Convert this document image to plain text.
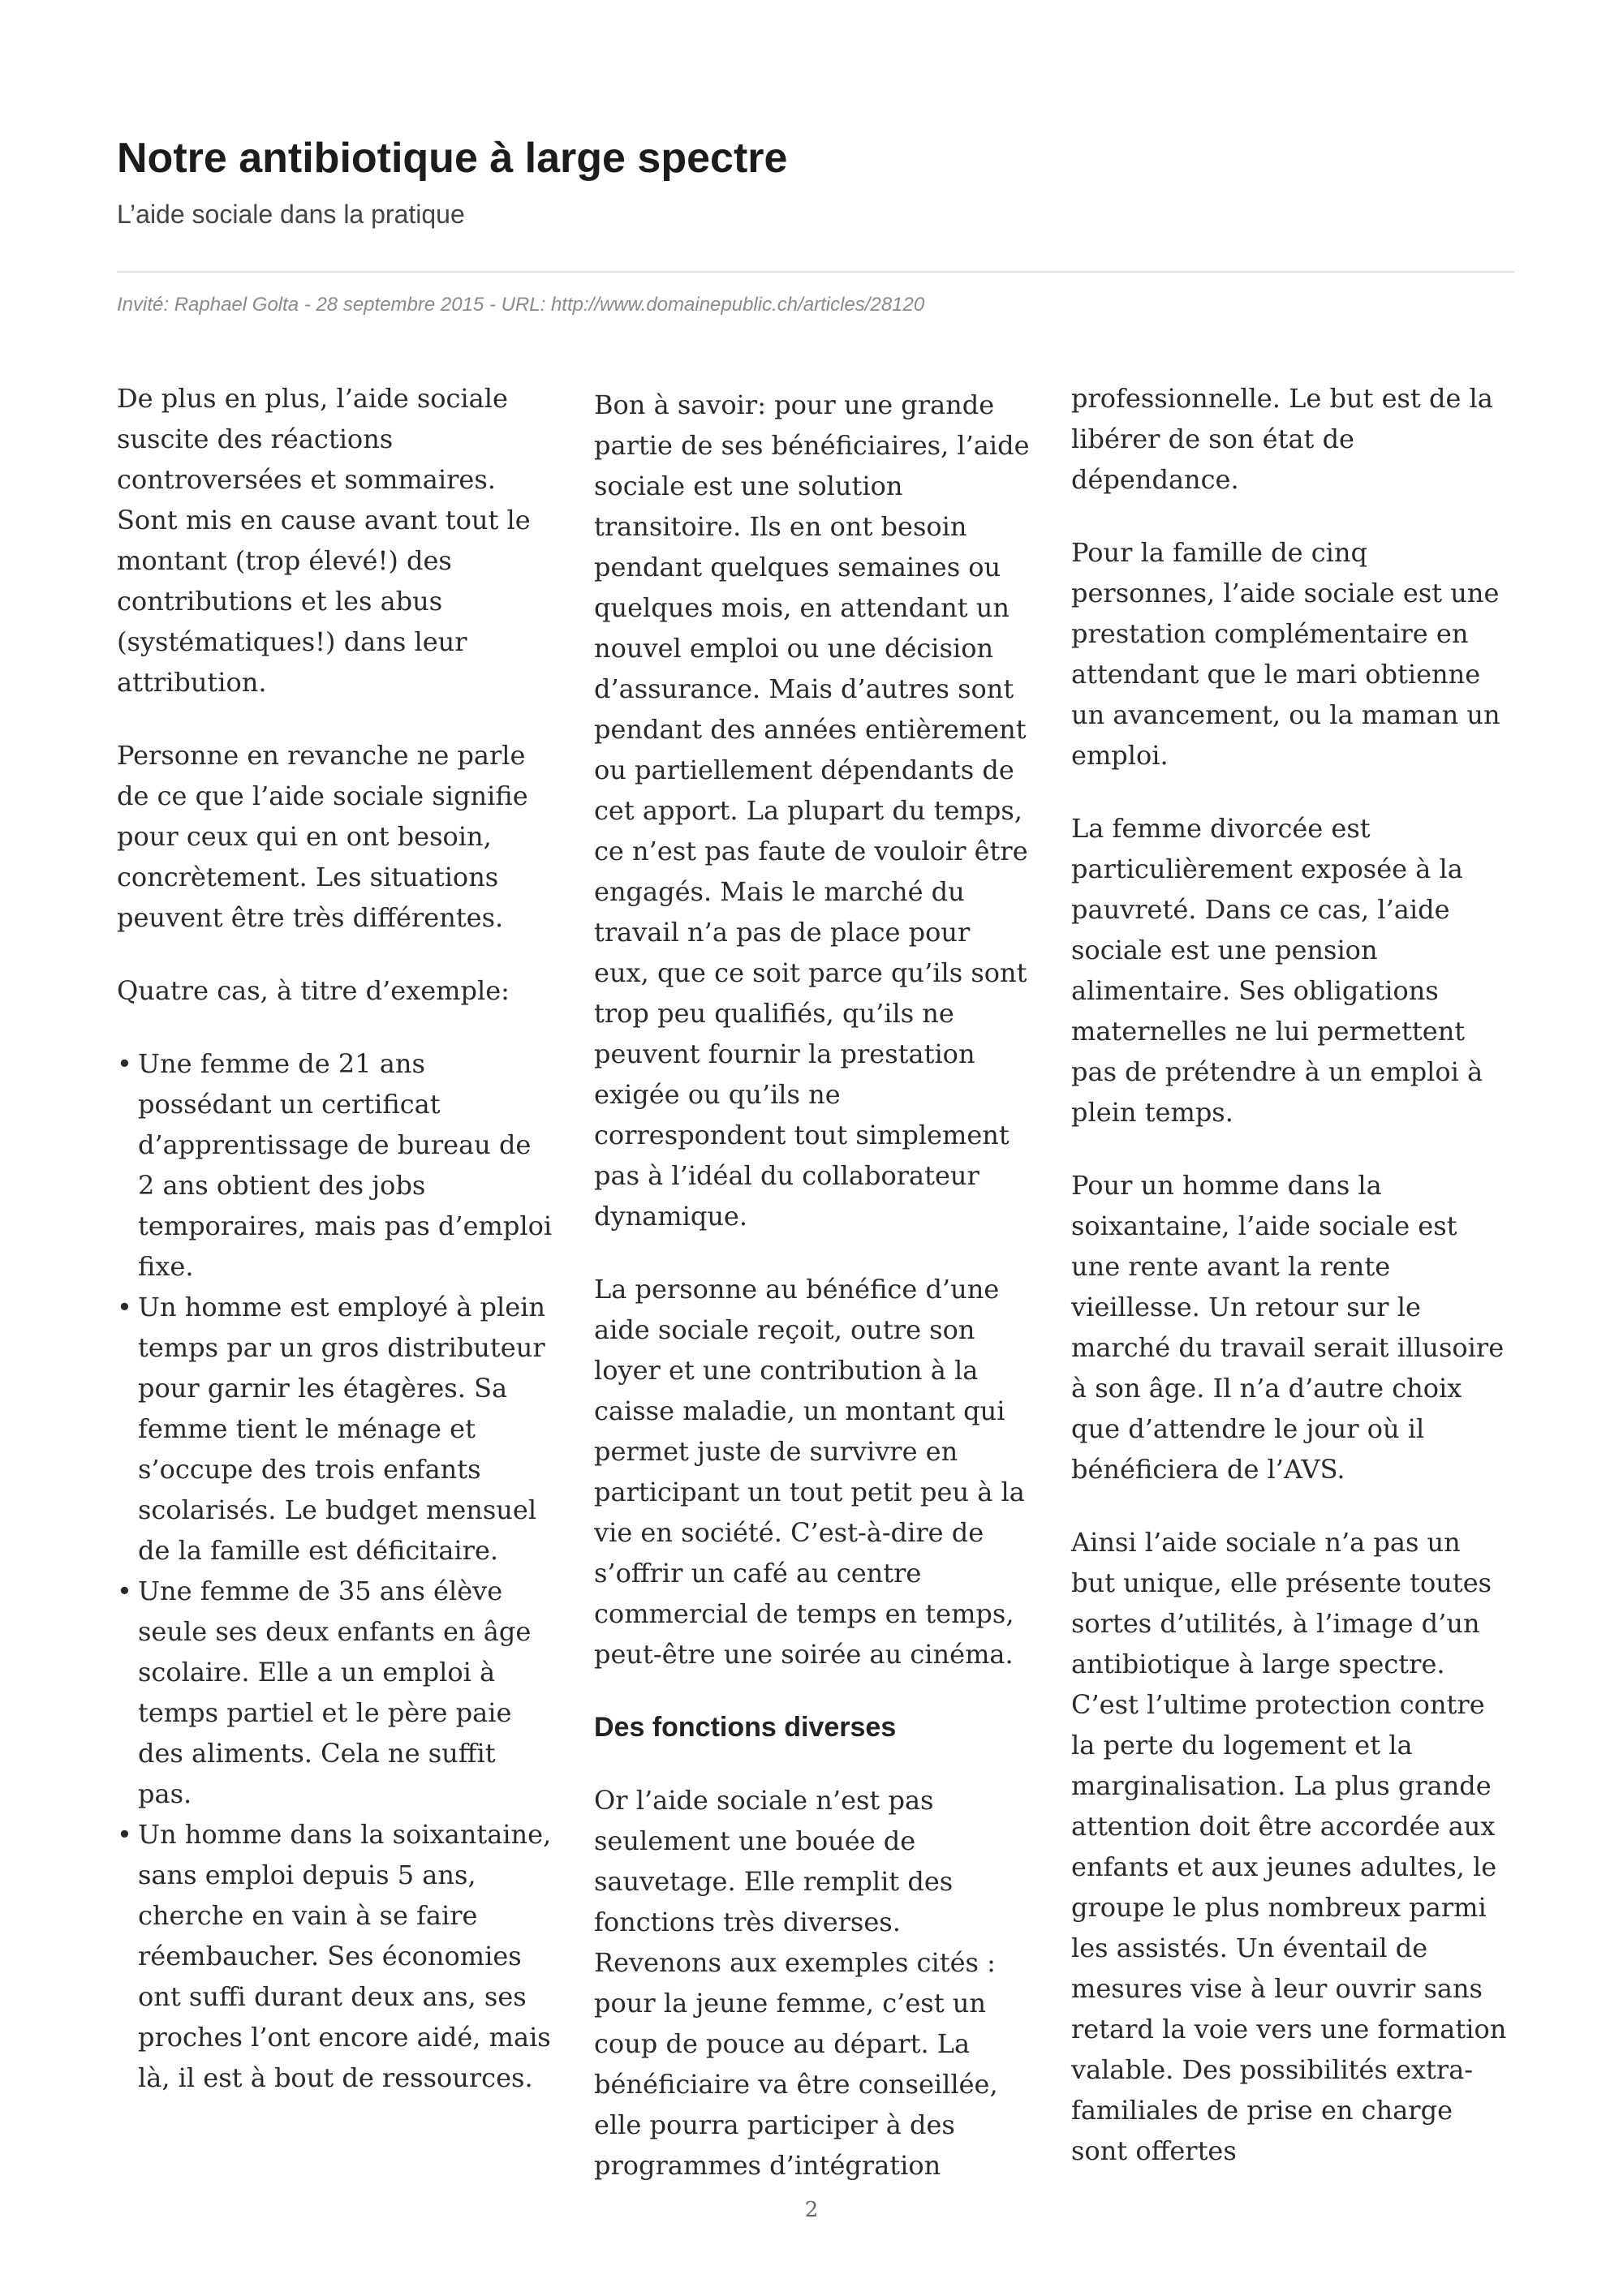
Notre antibiotique à large spectre
L’aide sociale dans la pratique
Invité: Raphael Golta - 28 septembre 2015 - URL: http://www.domainepublic.ch/articles/28120

De plus en plus, l’aide sociale suscite des réactions controversées et sommaires. Sont mis en cause avant tout le montant (trop élevé!) des contributions et les abus (systématiques!) dans leur attribution.

Personne en revanche ne parle de ce que l’aide sociale signifie pour ceux qui en ont besoin, concrètement. Les situations peuvent être très différentes.

Quatre cas, à titre d’exemple:

• Une femme de 21 ans possédant un certificat d’apprentissage de bureau de 2 ans obtient des jobs temporaires, mais pas d’emploi fixe.
• Un homme est employé à plein temps par un gros distributeur pour garnir les étagères. Sa femme tient le ménage et s’occupe des trois enfants scolarisés. Le budget mensuel de la famille est déficitaire.
• Une femme de 35 ans élève seule ses deux enfants en âge scolaire. Elle a un emploi à temps partiel et le père paie des aliments. Cela ne suffit pas.
• Un homme dans la soixantaine, sans emploi depuis 5 ans, cherche en vain à se faire réembaucher. Ses économies ont suffi durant deux ans, ses proches l’ont encore aidé, mais là, il est à bout de ressources.

Bon à savoir: pour une grande partie de ses bénéficiaires, l’aide sociale est une solution transitoire. Ils en ont besoin pendant quelques semaines ou quelques mois, en attendant un nouvel emploi ou une décision d’assurance. Mais d’autres sont pendant des années entièrement ou partiellement dépendants de cet apport. La plupart du temps, ce n’est pas faute de vouloir être engagés. Mais le marché du travail n’a pas de place pour eux, que ce soit parce qu’ils sont trop peu qualifiés, qu’ils ne peuvent fournir la prestation exigée ou qu’ils ne correspondent tout simplement pas à l’idéal du collaborateur dynamique.

La personne au bénéfice d’une aide sociale reçoit, outre son loyer et une contribution à la caisse maladie, un montant qui permet juste de survivre en participant un tout petit peu à la vie en société. C’est-à-dire de s’offrir un café au centre commercial de temps en temps, peut-être une soirée au cinéma.

Des fonctions diverses

Or l’aide sociale n’est pas seulement une bouée de sauvetage. Elle remplit des fonctions très diverses. Revenons aux exemples cités : pour la jeune femme, c’est un coup de pouce au départ. La bénéficiaire va être conseillée, elle pourra participer à des programmes d’intégration

professionnelle. Le but est de la libérer de son état de dépendance.

Pour la famille de cinq personnes, l’aide sociale est une prestation complémentaire en attendant que le mari obtienne un avancement, ou la maman un emploi.

La femme divorcée est particulièrement exposée à la pauvreté. Dans ce cas, l’aide sociale est une pension alimentaire. Ses obligations maternelles ne lui permettent pas de prétendre à un emploi à plein temps.

Pour un homme dans la soixantaine, l’aide sociale est une rente avant la rente vieillesse. Un retour sur le marché du travail serait illusoire à son âge. Il n’a d’autre choix que d’attendre le jour où il bénéficiera de l’AVS.

Ainsi l’aide sociale n’a pas un but unique, elle présente toutes sortes d’utilités, à l’image d’un antibiotique à large spectre. C’est l’ultime protection contre la perte du logement et la marginalisation. La plus grande attention doit être accordée aux enfants et aux jeunes adultes, le groupe le plus nombreux parmi les assistés. Un éventail de mesures vise à leur ouvrir sans retard la voie vers une formation valable. Des possibilités extra-familiales de prise en charge sont offertes

2
